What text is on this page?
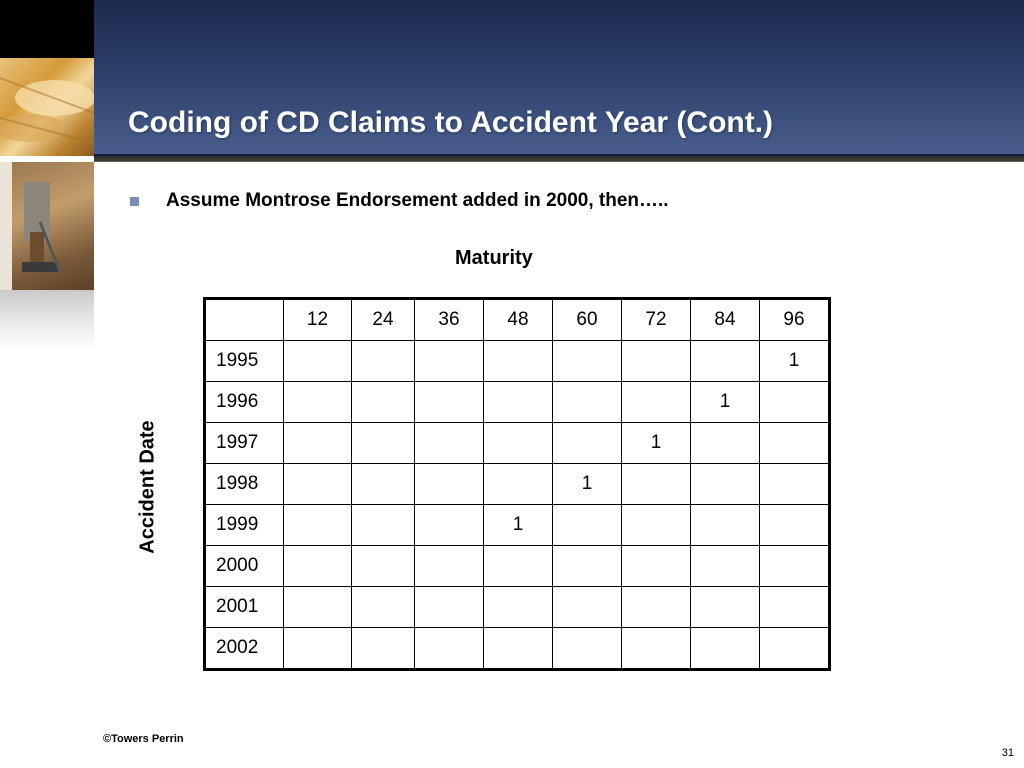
Coding of CD Claims to Accident Year (Cont.)

Assume Montrose Endorsement added in 2000, then…..

Maturity

Accident Date
	12	24	36	48	60	72	84	96
1995								1
1996							1	
1997						1		
1998					1			
1999				1				
2000								
2001								
2002								

©Towers Perrin

31
